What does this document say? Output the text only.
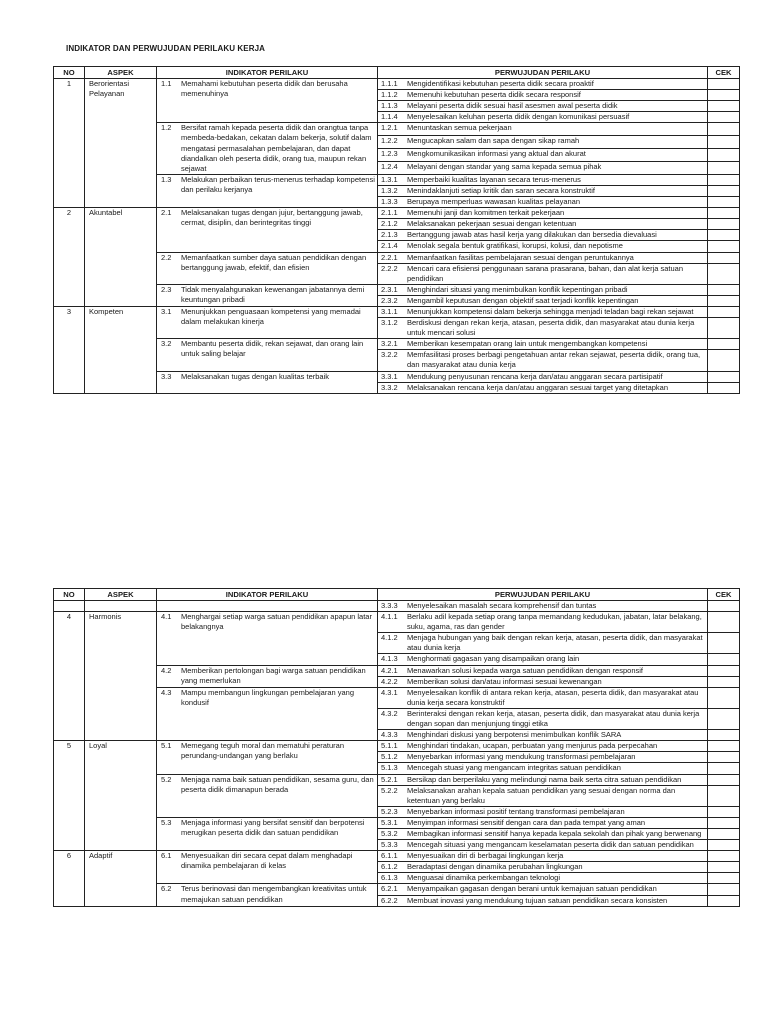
INDIKATOR DAN PERWUJUDAN PERILAKU KERJA
NO	ASPEK	INDIKATOR PERILAKU	PERWUJUDAN PERILAKU	CEK
1	Berorientasi Pelayanan	1.1 Memahami kebutuhan peserta didik dan berusaha memenuhinya	1.1.1 Mengidentifikasi kebutuhan peserta didik secara proaktif	

			1.1.2 Memenuhi kebutuhan peserta didik secara responsif	

			1.1.3 Melayani peserta didik sesuai hasil asesmen awal peserta didik	

			1.1.4 Menyelesaikan keluhan peserta didik dengan komunikasi persuasif	

		1.2 Bersifat ramah kepada peserta didik dan orangtua tanpa membeda-bedakan, cekatan dalam bekerja, solutif dalam mengatasi permasalahan pembelajaran, dan dapat diandalkan oleh peserta didik, orang tua, maupun rekan sejawat	1.2.1 Menuntaskan semua pekerjaan	

			1.2.2 Mengucapkan salam dan sapa dengan sikap ramah	

			1.2.3 Mengkomunikasikan informasi yang aktual dan akurat	

			1.2.4 Melayani dengan standar yang sama kepada semua pihak	

		1.3 Melakukan perbaikan terus-menerus terhadap kompetensi dan perilaku kerjanya	1.3.1 Memperbaiki kualitas layanan secara terus-menerus	

			1.3.2 Menindaklanjuti setiap kritik dan saran secara konstruktif	

			1.3.3 Berupaya memperluas wawasan kualitas pelayanan	

2	Akuntabel	2.1 Melaksanakan tugas dengan jujur, bertanggung jawab, cermat, disiplin, dan berintegritas tinggi	2.1.1 Memenuhi janji dan komitmen terkait pekerjaan	

			2.1.2 Melaksanakan pekerjaan sesuai dengan ketentuan	

			2.1.3 Bertanggung jawab atas hasil kerja yang dilakukan dan bersedia dievaluasi	

			2.1.4 Menolak segala bentuk gratifikasi, korupsi, kolusi, dan nepotisme	

		2.2 Memanfaatkan sumber daya satuan pendidikan dengan bertanggung jawab, efektif, dan efisien	2.2.1 Memanfaatkan fasilitas pembelajaran sesuai dengan peruntukannya	

			2.2.2 Mencari cara efisiensi penggunaan sarana prasarana, bahan, dan alat kerja satuan pendidikan	

		2.3 Tidak menyalahgunakan kewenangan jabatannya demi keuntungan pribadi	2.3.1 Menghindari situasi yang menimbulkan konflik kepentingan pribadi	

			2.3.2 Mengambil keputusan dengan objektif saat terjadi konflik kepentingan	

3	Kompeten	3.1 Menunjukkan penguasaan kompetensi yang memadai dalam melakukan kinerja	3.1.1 Menunjukkan kompetensi dalam bekerja sehingga menjadi teladan bagi rekan sejawat	

			3.1.2 Berdiskusi dengan rekan kerja, atasan, peserta didik, dan masyarakat atau dunia kerja untuk mencari solusi	

		3.2 Membantu peserta didik, rekan sejawat, dan orang lain untuk saling belajar	3.2.1 Memberikan kesempatan orang lain untuk mengembangkan kompetensi	

			3.2.2 Memfasilitasi proses berbagi pengetahuan antar rekan sejawat, peserta didik, orang tua, dan masyarakat atau dunia kerja	

		3.3 Melaksanakan tugas dengan kualitas terbaik	3.3.1 Mendukung penyusunan rencana kerja dan/atau anggaran secara partisipatif	

			3.3.2 Melaksanakan rencana kerja dan/atau anggaran sesuai target yang ditetapkan	

NO	ASPEK	INDIKATOR PERILAKU	PERWUJUDAN PERILAKU	CEK

			3.3.3 Menyelesaikan masalah secara komprehensif dan tuntas	

4	Harmonis	4.1 Menghargai setiap warga satuan pendidikan apapun latar belakangnya	4.1.1 Berlaku adil kepada setiap orang tanpa memandang kedudukan, jabatan, latar belakang, suku, agama, ras dan gender	

			4.1.2 Menjaga hubungan yang baik dengan rekan kerja, atasan, peserta didik, dan masyarakat atau dunia kerja	

			4.1.3 Menghormati gagasan yang disampaikan orang lain	

		4.2 Memberikan pertolongan bagi warga satuan pendidikan yang memerlukan	4.2.1 Menawarkan solusi kepada warga satuan pendidikan dengan responsif	

			4.2.2 Memberikan solusi dan/atau informasi sesuai kewenangan	

		4.3 Mampu membangun lingkungan pembelajaran yang kondusif	4.3.1 Menyelesaikan konflik di antara rekan kerja, atasan, peserta didik, dan masyarakat atau dunia kerja secara konstruktif	

			4.3.2 Berinteraksi dengan rekan kerja, atasan, peserta didik, dan masyarakat atau dunia kerja dengan sopan dan menjunjung tinggi etika	

			4.3.3 Menghindari diskusi yang berpotensi menimbulkan konflik SARA	

5	Loyal	5.1 Memegang teguh moral dan mematuhi peraturan perundang-undangan yang berlaku	5.1.1 Menghindari tindakan, ucapan, perbuatan yang menjurus pada perpecahan	

			5.1.2 Menyebarkan informasi yang mendukung transformasi pembelajaran	

			5.1.3 Mencegah stuasi yang mengancam integritas satuan pendidikan	

		5.2 Menjaga nama baik satuan pendidikan, sesama guru, dan peserta didik dimanapun berada	5.2.1 Bersikap dan berperilaku yang melindungi nama baik serta citra satuan pendidikan	

			5.2.2 Melaksanakan arahan kepala satuan pendidikan yang sesuai dengan norma dan ketentuan yang berlaku	

			5.2.3 Menyebarkan informasi positif tentang transformasi pembelajaran	

		5.3 Menjaga informasi yang bersifat sensitif dan berpotensi merugikan peserta didik dan satuan pendidikan	5.3.1 Menyimpan informasi sensitif dengan cara dan pada tempat yang aman	

			5.3.2 Membagikan informasi sensitif hanya kepada kepala sekolah dan pihak yang berwenang	

			5.3.3 Mencegah situasi yang mengancam keselamatan peserta didik dan satuan pendidikan	

6	Adaptif	6.1 Menyesuaikan diri secara cepat dalam menghadapi dinamika pembelajaran di kelas	6.1.1 Menyesuaikan diri di berbagai lingkungan kerja	

			6.1.2 Beradaptasi dengan dinamika perubahan lingkungan	

			6.1.3 Menguasai dinamika perkembangan teknologi	

		6.2 Terus berinovasi dan mengembangkan kreativitas untuk memajukan satuan pendidikan	6.2.1 Menyampaikan gagasan dengan berani untuk kemajuan satuan pendidikan	

			6.2.2 Membuat inovasi yang mendukung tujuan satuan pendidikan secara konsisten	
